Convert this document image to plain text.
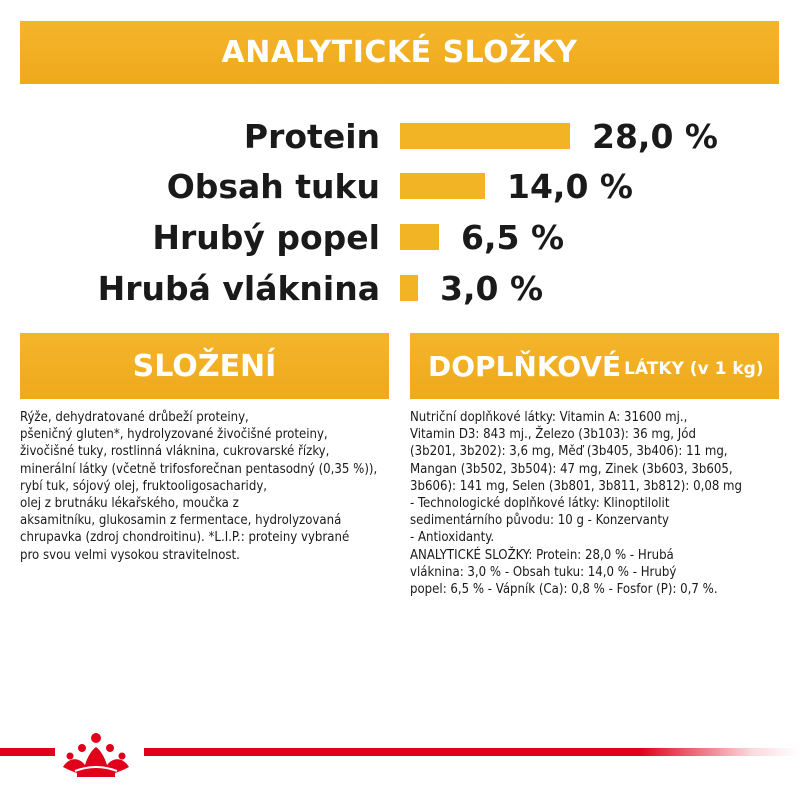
ANALYTICKÉ SLOŽKY
Protein	28,0 %
Obsah tuku	14,0 %
Hrubý popel 6,5 %
Hrubá vláknina 3,0 %
SLOŽENÍ	DOPLŇKOVÉ LÁTKY (v 1 kg)
Rýže, dehydratované drůbeží proteiny,
pšeničný gluten*, hydrolyzované živočišné proteiny,
živočišné tuky, rostlinná vláknina, cukrovarské řízky,
minerální látky (včetně trifosforečnan pentasodný (0,35 %)),
rybí tuk, sójový olej, fruktooligosacharidy,
olej z brutnáku lékařského, moučka z
aksamitníku, glukosamin z fermentace, hydrolyzovaná
chrupavka (zdroj chondroitinu). *L.I.P.: proteiny vybrané
pro svou velmi vysokou stravitelnost.
Nutriční doplňkové látky: Vitamin A: 31600 mj.,
Vitamin D3: 843 mj., Železo (3b103): 36 mg, Jód
(3b201, 3b202): 3,6 mg, Měď (3b405, 3b406): 11 mg,
Mangan (3b502, 3b504): 47 mg, Zinek (3b603, 3b605,
3b606): 141 mg, Selen (3b801, 3b811, 3b812): 0,08 mg
- Technologické doplňkové látky: Klinoptilolit
sedimentárního původu: 10 g - Konzervanty
- Antioxidanty.
ANALYTICKÉ SLOŽKY: Protein: 28,0 % - Hrubá
vláknina: 3,0 % - Obsah tuku: 14,0 % - Hrubý
popel: 6,5 % - Vápník (Ca): 0,8 % - Fosfor (P): 0,7 %.
